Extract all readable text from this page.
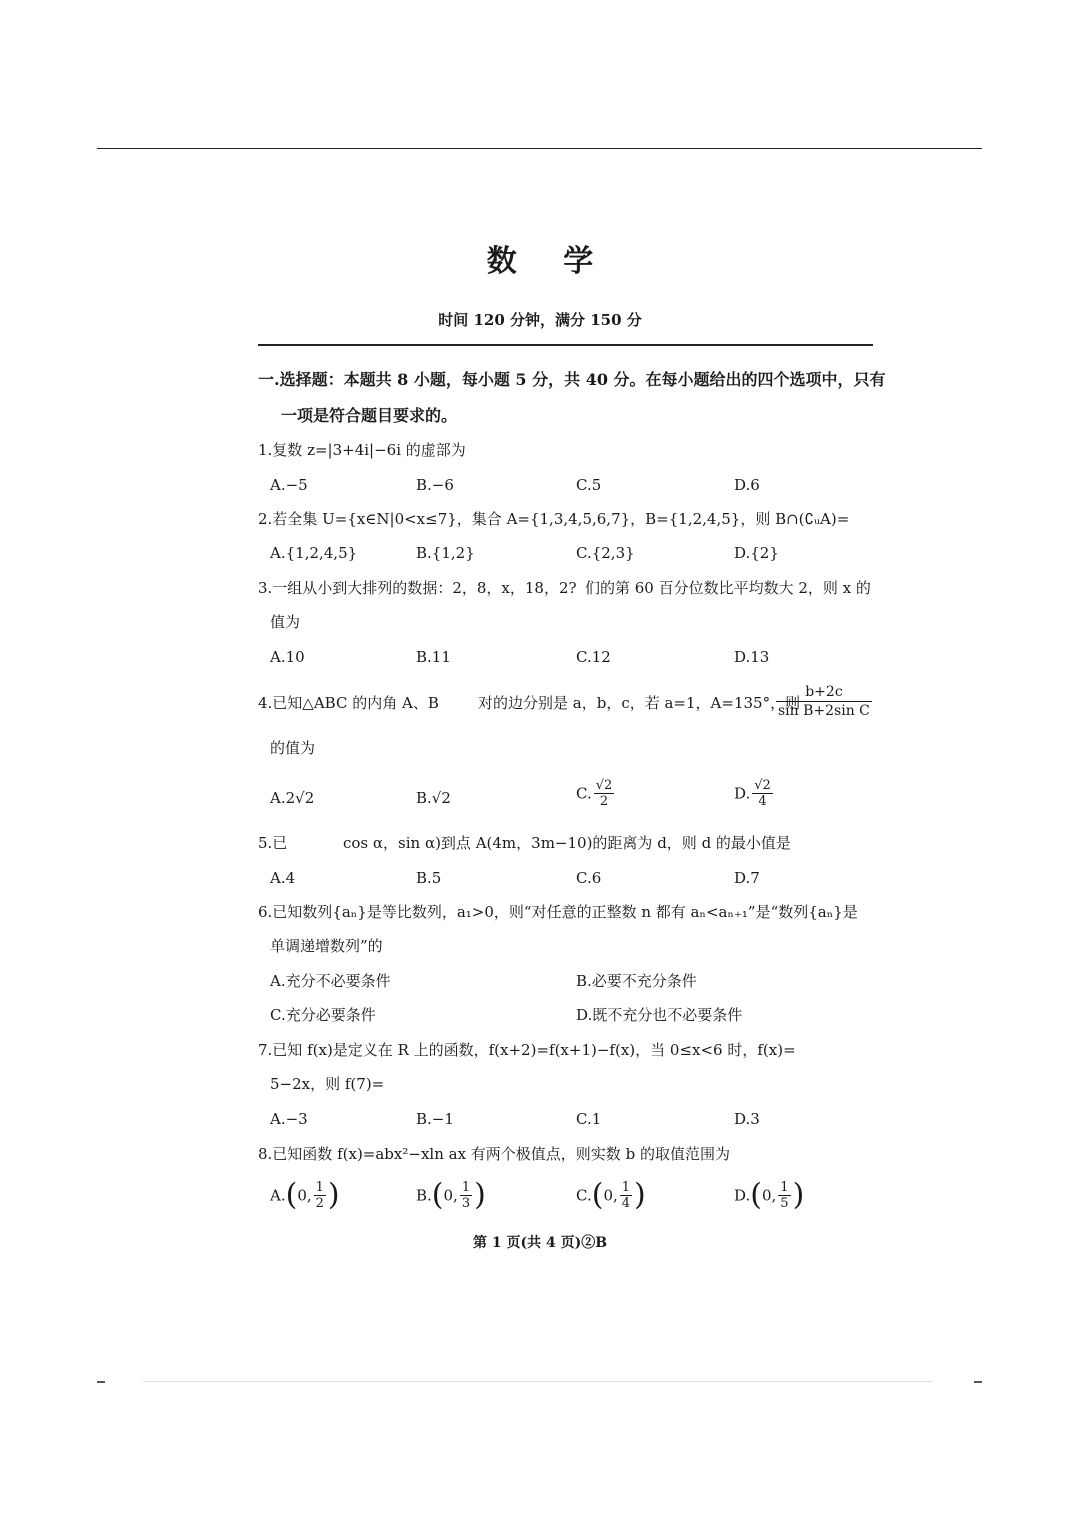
数 学
时间 120 分钟，满分 150 分
一.选择题：本题共 8 小题，每小题 5 分，共 40 分。在每小题给出的四个选项中，只有
一项是符合题目要求的。
1.复数 z=|3+4i|−6i 的虚部为
A.−5	B.−6	C.5	D.6
2.若全集 U={x∈N|0<x≤7}，集合 A={1,3,4,5,6,7}，B={1,2,4,5}，则 B∩(∁ᵤA)=
A.{1,2,4,5}	B.{1,2}	C.{2,3}	D.{2}
3.一组从小到大排列的数据：2，8，x，18，2? 们的第 60 百分位数比平均数大 2，则 x 的
值为
A.10	B.11	C.12	D.13
4.已知△ABC 的内角 A、B	对的边分别是 a，b，c，若 a=1，A=135°，则
$\frac{b+2c}{\text{sin B+2sin C}}$
的值为
A.2√2	B.√2	C. $\frac{√2}{2}$	D. $\frac{√2}{4}$
5.已	cos α，sin α)到点 A(4m，3m−10)的距离为 d，则 d 的最小值是
A.4	B.5	C.6	D.7
6.已知数列{aₙ}是等比数列，a₁>0，则“对任意的正整数 n 都有 aₙ<aₙ₊₁”是“数列{aₙ}是
单调递增数列”的
A.充分不必要条件	B.必要不充分条件
C.充分必要条件	D.既不充分也不必要条件
7.已知 f(x)是定义在 R 上的函数，f(x+2)=f(x+1)−f(x)，当 0≤x<6 时，f(x)=
5−2x，则 f(7)=
A.−3	B.−1	C.1	D.3
8.已知函数 f(x)=abx²−xln ax 有两个极值点，则实数 b 的取值范围为
A.(0, $\frac{1}{2}$ )	B.(0, $\frac{1}{3}$ )	C.(0, $\frac{1}{4}$ )	D.(0, $\frac{1}{5}$ )
第 1 页(共 4 页)②B
